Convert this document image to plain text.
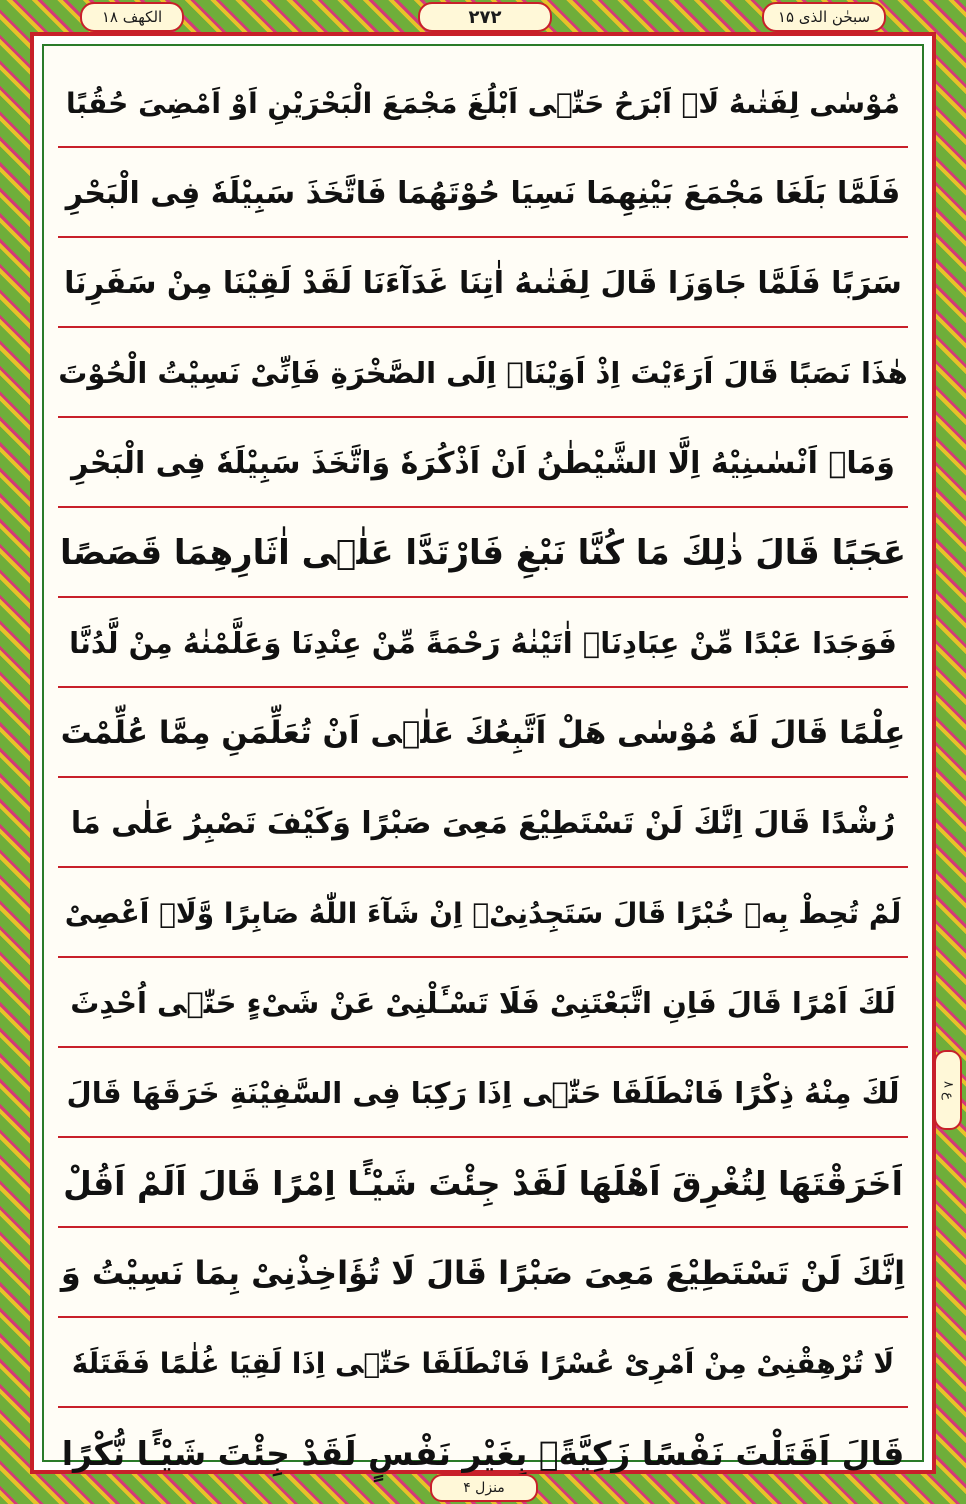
الکھف ۱۸	۲۷۲	سبحٰن الذی ۱۵
مُوْسٰى لِفَتٰىهُ لَاۤ اَبْرَحُ حَتّٰۤى اَبْلُغَ مَجْمَعَ الْبَحْرَیْنِ اَوْ اَمْضِیَ حُقُبًا
فَلَمَّا بَلَغَا مَجْمَعَ بَیْنِهِمَا نَسِیَا حُوْتَهُمَا فَاتَّخَذَ سَبِیْلَهٗ فِی الْبَحْرِ
سَرَبًا فَلَمَّا جَاوَزَا قَالَ لِفَتٰىهُ اٰتِنَا غَدَآءَنَا لَقَدْ لَقِیْنَا مِنْ سَفَرِنَا
هٰذَا نَصَبًا قَالَ اَرَءَیْتَ اِذْ اَوَیْنَاۤ اِلَى الصَّخْرَةِ فَاِنِّیْ نَسِیْتُ الْحُوْتَ
وَمَاۤ اَنْسٰىنِیْهُ اِلَّا الشَّیْطٰنُ اَنْ اَذْكُرَهٗ وَاتَّخَذَ سَبِیْلَهٗ فِی الْبَحْرِ
عَجَبًا قَالَ ذٰلِكَ مَا كُنَّا نَبْغِ فَارْتَدَّا عَلٰۤى اٰثَارِهِمَا قَصَصًا
فَوَجَدَا عَبْدًا مِّنْ عِبَادِنَاۤ اٰتَیْنٰهُ رَحْمَةً مِّنْ عِنْدِنَا وَعَلَّمْنٰهُ مِنْ لَّدُنَّا
عِلْمًا قَالَ لَهٗ مُوْسٰى هَلْ اَتَّبِعُكَ عَلٰۤى اَنْ تُعَلِّمَنِ مِمَّا عُلِّمْتَ
رُشْدًا قَالَ اِنَّكَ لَنْ تَسْتَطِیْعَ مَعِیَ صَبْرًا وَكَیْفَ تَصْبِرُ عَلٰى مَا
لَمْ تُحِطْ بِهٖ خُبْرًا قَالَ سَتَجِدُنِیْۤ اِنْ شَآءَ اللّٰهُ صَابِرًا وَّلَاۤ اَعْصِیْ
لَكَ اَمْرًا قَالَ فَاِنِ اتَّبَعْتَنِیْ فَلَا تَسْـَٔلْنِیْ عَنْ شَیْءٍ حَتّٰۤى اُحْدِثَ
لَكَ مِنْهُ ذِكْرًا فَانْطَلَقَا حَتّٰۤى اِذَا رَكِبَا فِی السَّفِیْنَةِ خَرَقَهَا قَالَ
اَخَرَقْتَهَا لِتُغْرِقَ اَهْلَهَا لَقَدْ جِئْتَ شَیْـًٔا اِمْرًا قَالَ اَلَمْ اَقُلْ
اِنَّكَ لَنْ تَسْتَطِیْعَ مَعِیَ صَبْرًا قَالَ لَا تُؤَاخِذْنِیْ بِمَا نَسِیْتُ وَ
لَا تُرْهِقْنِیْ مِنْ اَمْرِیْ عُسْرًا فَانْطَلَقَا حَتّٰۤى اِذَا لَقِیَا غُلٰمًا فَقَتَلَهٗ
قَالَ اَقَتَلْتَ نَفْسًا زَكِیَّةًۢ بِغَیْرِ نَفْسٍ لَقَدْ جِئْتَ شَیْـًٔا نُّكْرًا
ع ۸
منزل ۴
